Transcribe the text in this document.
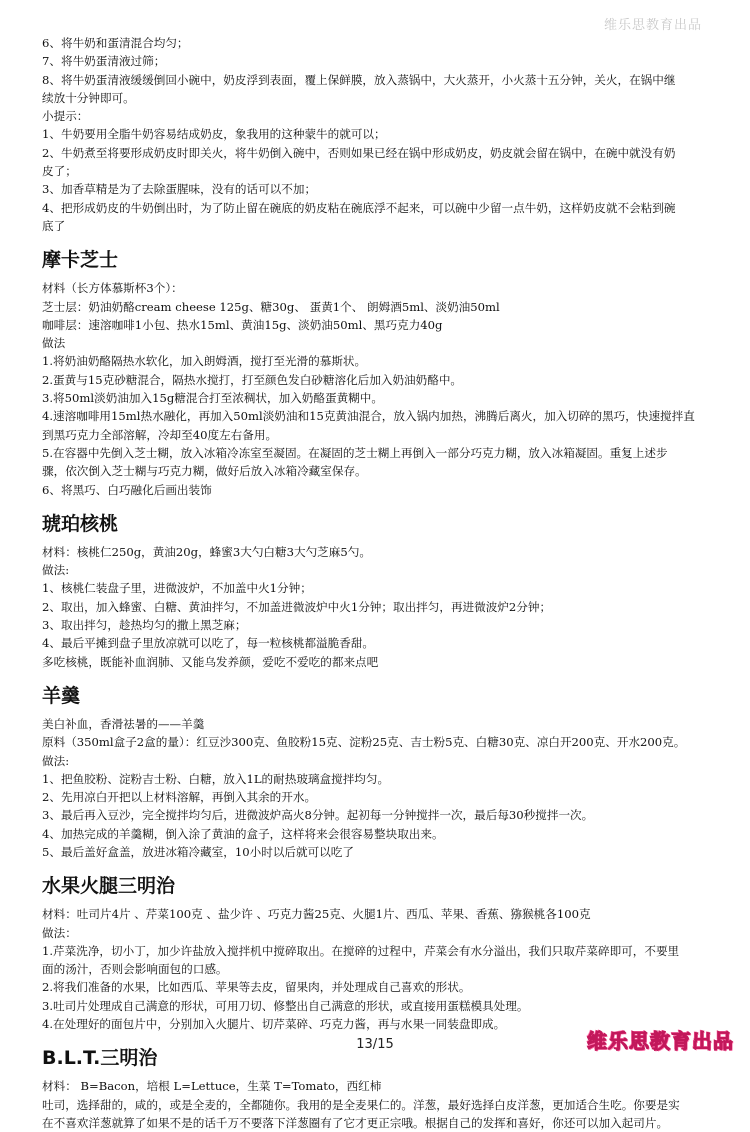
维乐思教育出品
6、将牛奶和蛋清混合均匀；
7、将牛奶蛋清液过筛；
8、将牛奶蛋清液缓缓倒回小碗中，奶皮浮到表面，覆上保鲜膜，放入蒸锅中，大火蒸开，小火蒸十五分钟，关火，在锅中继
续放十分钟即可。
小提示：
1、牛奶要用全脂牛奶容易结成奶皮，象我用的这种蒙牛的就可以；
2、牛奶煮至将要形成奶皮时即关火，将牛奶倒入碗中，否则如果已经在锅中形成奶皮，奶皮就会留在锅中，在碗中就没有奶
皮了；
3、加香草精是为了去除蛋腥味，没有的话可以不加；
4、把形成奶皮的牛奶倒出时，为了防止留在碗底的奶皮粘在碗底浮不起来，可以碗中少留一点牛奶，这样奶皮就不会粘到碗
底了
摩卡芝士
材料（长方体慕斯杯3个）：
芝士层：奶油奶酪cream cheese 125g、糖30g、 蛋黄1个、 朗姆酒5ml、淡奶油50ml
咖啡层：速溶咖啡1小包、热水15ml、黄油15g、淡奶油50ml、黑巧克力40g
做法
1.将奶油奶酪隔热水软化，加入朗姆酒，搅打至光滑的慕斯状。
2.蛋黄与15克砂糖混合，隔热水搅打，打至颜色发白砂糖溶化后加入奶油奶酪中。
3.将50ml淡奶油加入15g糖混合打至浓稠状，加入奶酪蛋黄糊中。
4.速溶咖啡用15ml热水融化，再加入50ml淡奶油和15克黄油混合，放入锅内加热，沸腾后离火，加入切碎的黑巧，快速搅拌直
到黑巧克力全部溶解，冷却至40度左右备用。
5.在容器中先倒入芝士糊，放入冰箱冷冻室至凝固。在凝固的芝士糊上再倒入一部分巧克力糊，放入冰箱凝固。重复上述步
骤，依次倒入芝士糊与巧克力糊，做好后放入冰箱冷藏室保存。
6、将黑巧、白巧融化后画出装饰
琥珀核桃
材料：核桃仁250g，黄油20g，蜂蜜3大勺白糖3大勺芝麻5勺。
做法:
1、核桃仁装盘子里，进微波炉，不加盖中火1分钟；
2、取出，加入蜂蜜、白糖、黄油拌匀，不加盖进微波炉中火1分钟；取出拌匀，再进微波炉2分钟；
3、取出拌匀，趁热均匀的撒上黑芝麻；
4、最后平摊到盘子里放凉就可以吃了，每一粒核桃都溢脆香甜。
多吃核桃，既能补血润肺、又能乌发养颜，爱吃不爱吃的都来点吧
羊羹
美白补血，香滑祛暑的——羊羹
原料（350ml盒子2盒的量）：红豆沙300克、鱼胶粉15克、淀粉25克、吉士粉5克、白糖30克、凉白开200克、开水200克。
做法:
1、把鱼胶粉、淀粉吉士粉、白糖，放入1L的耐热玻璃盒搅拌均匀。
2、先用凉白开把以上材料溶解，再倒入其余的开水。
3、最后再入豆沙，完全搅拌均匀后，进微波炉高火8分钟。起初每一分钟搅拌一次，最后每30秒搅拌一次。
4、加热完成的羊羹糊，倒入涂了黄油的盒子，这样将来会很容易整块取出来。
5、最后盖好盒盖，放进冰箱冷藏室，10小时以后就可以吃了
水果火腿三明治
材料：吐司片4片 、芹菜100克 、盐少许 、巧克力酱25克、火腿1片、西瓜、苹果、香蕉、猕猴桃各100克
做法：
1.芹菜洗净，切小丁，加少许盐放入搅拌机中搅碎取出。在搅碎的过程中，芹菜会有水分溢出，我们只取芹菜碎即可，不要里
面的汤汁，否则会影响面包的口感。
2.将我们准备的水果，比如西瓜、苹果等去皮，留果肉，并处理成自己喜欢的形状。
3.吐司片处理成自己满意的形状，可用刀切、修整出自己满意的形状，或直接用蛋糕模具处理。
4.在处理好的面包片中，分别加入火腿片、切芹菜碎、巧克力酱，再与水果一同装盘即成。
B.L.T.三明治
材料： B=Bacon，培根 L=Lettuce，生菜 T=Tomato，西红柿
吐司，选择甜的，咸的，或是全麦的，全都随你。我用的是全麦果仁的。洋葱，最好选择白皮洋葱，更加适合生吃。你要是实
在不喜欢洋葱就算了如果不是的话千万不要落下洋葱圈有了它才更正宗哦。根据自己的发挥和喜好，你还可以加入起司片。
13/15	维乐思教育出品
